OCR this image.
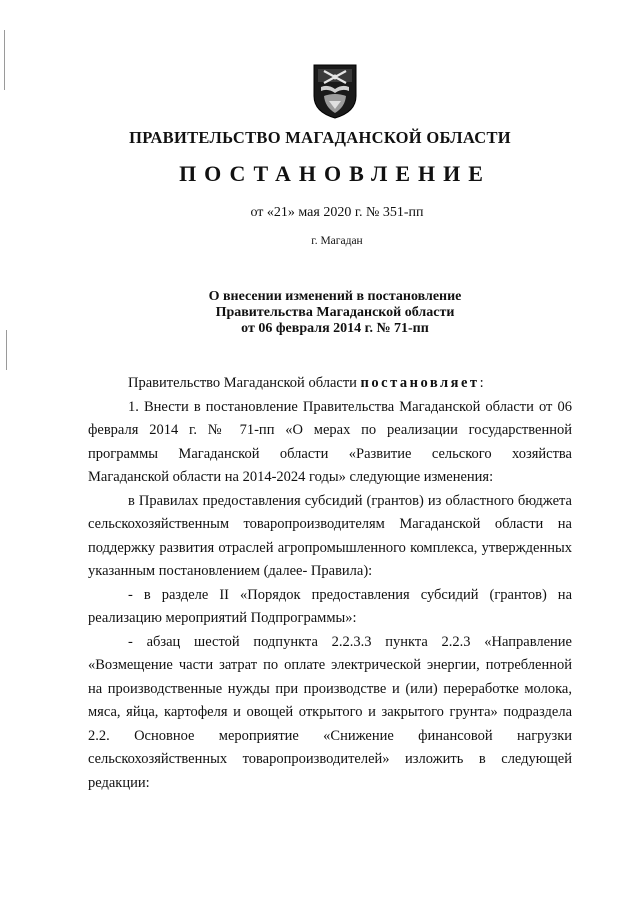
ПРАВИТЕЛЬСТВО МАГАДАНСКОЙ ОБЛАСТИ
ПОСТАНОВЛЕНИЕ
от «21» мая 2020 г. № 351-пп
г. Магадан
О внесении изменений в постановление
Правительства Магаданской области
от 06 февраля 2014 г. № 71-пп

Правительство Магаданской области постановляет:

1. Внести в постановление Правительства Магаданской области от 06 февраля 2014 г. № 71-пп «О мерах по реализации государственной программы Магаданской области «Развитие сельского хозяйства Магаданской области на 2014-2024 годы» следующие изменения:

в Правилах предоставления субсидий (грантов) из областного бюджета сельскохозяйственным товаропроизводителям Магаданской области на поддержку развития отраслей агропромышленного комплекса, утвержденных указанным постановлением (далее- Правила):

- в разделе II «Порядок предоставления субсидий (грантов) на реализацию мероприятий Подпрограммы»:

- абзац шестой подпункта 2.2.3.3 пункта 2.2.3 «Направление «Возмещение части затрат по оплате электрической энергии, потребленной на производственные нужды при производстве и (или) переработке молока, мяса, яйца, картофеля и овощей открытого и закрытого грунта» подраздела 2.2. Основное мероприятие «Снижение финансовой нагрузки сельскохозяйственных товаропроизводителей» изложить в следующей редакции:
